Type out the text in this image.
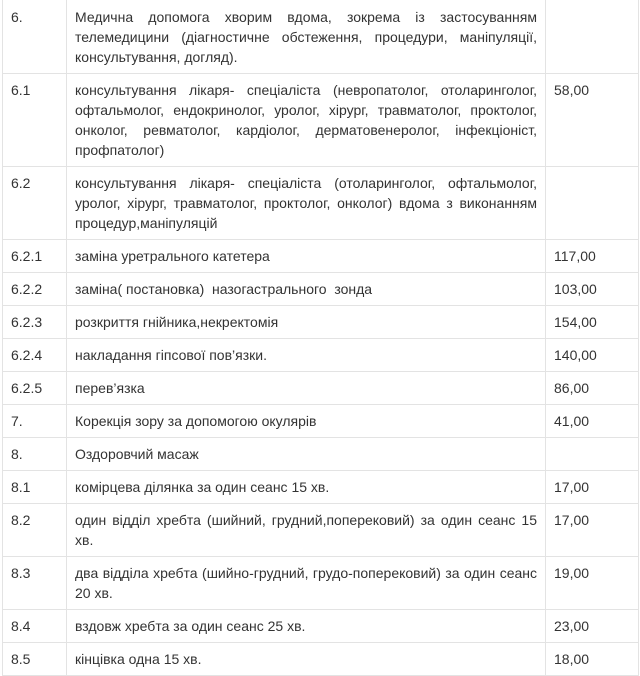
6.	Медична допомога хворим вдома, зокрема із застосуванням телемедицини (діагностичне обстеження, процедури, маніпуляції, консультування, догляд).	
6.1	консультування лікаря- спеціаліста (невропатолог, отоларинголог, офтальмолог, ендокринолог, уролог, хірург, травматолог, проктолог, онколог, ревматолог, кардіолог, дерматовенеролог, інфекціоніст, профпатолог)	58,00
6.2	консультування лікаря- спеціаліста (отоларинголог, офтальмолог, уролог, хірург, травматолог, проктолог, онколог) вдома з виконанням процедур,маніпуляцій	
6.2.1	заміна уретрального катетера	117,00
6.2.2	заміна( постановка)  назогастрального  зонда	103,00
6.2.3	розкриття гнійника,некректомія	154,00
6.2.4	накладання гіпсової пов’язки.	140,00
6.2.5	перев’язка	86,00
7.	Корекція зору за допомогою окулярів	41,00
8.	Оздоровчий масаж	
8.1	комірцева ділянка за один сеанс 15 хв.	17,00
8.2	один відділ хребта (шийний, грудний,поперековий) за один сеанс 15 хв.	17,00
8.3	два відділа хребта (шийно-грудний, грудо-поперековий) за один сеанс 20 хв.	19,00
8.4	вздовж хребта за один сеанс 25 хв.	23,00
8.5	кінцівка одна 15 хв.	18,00
